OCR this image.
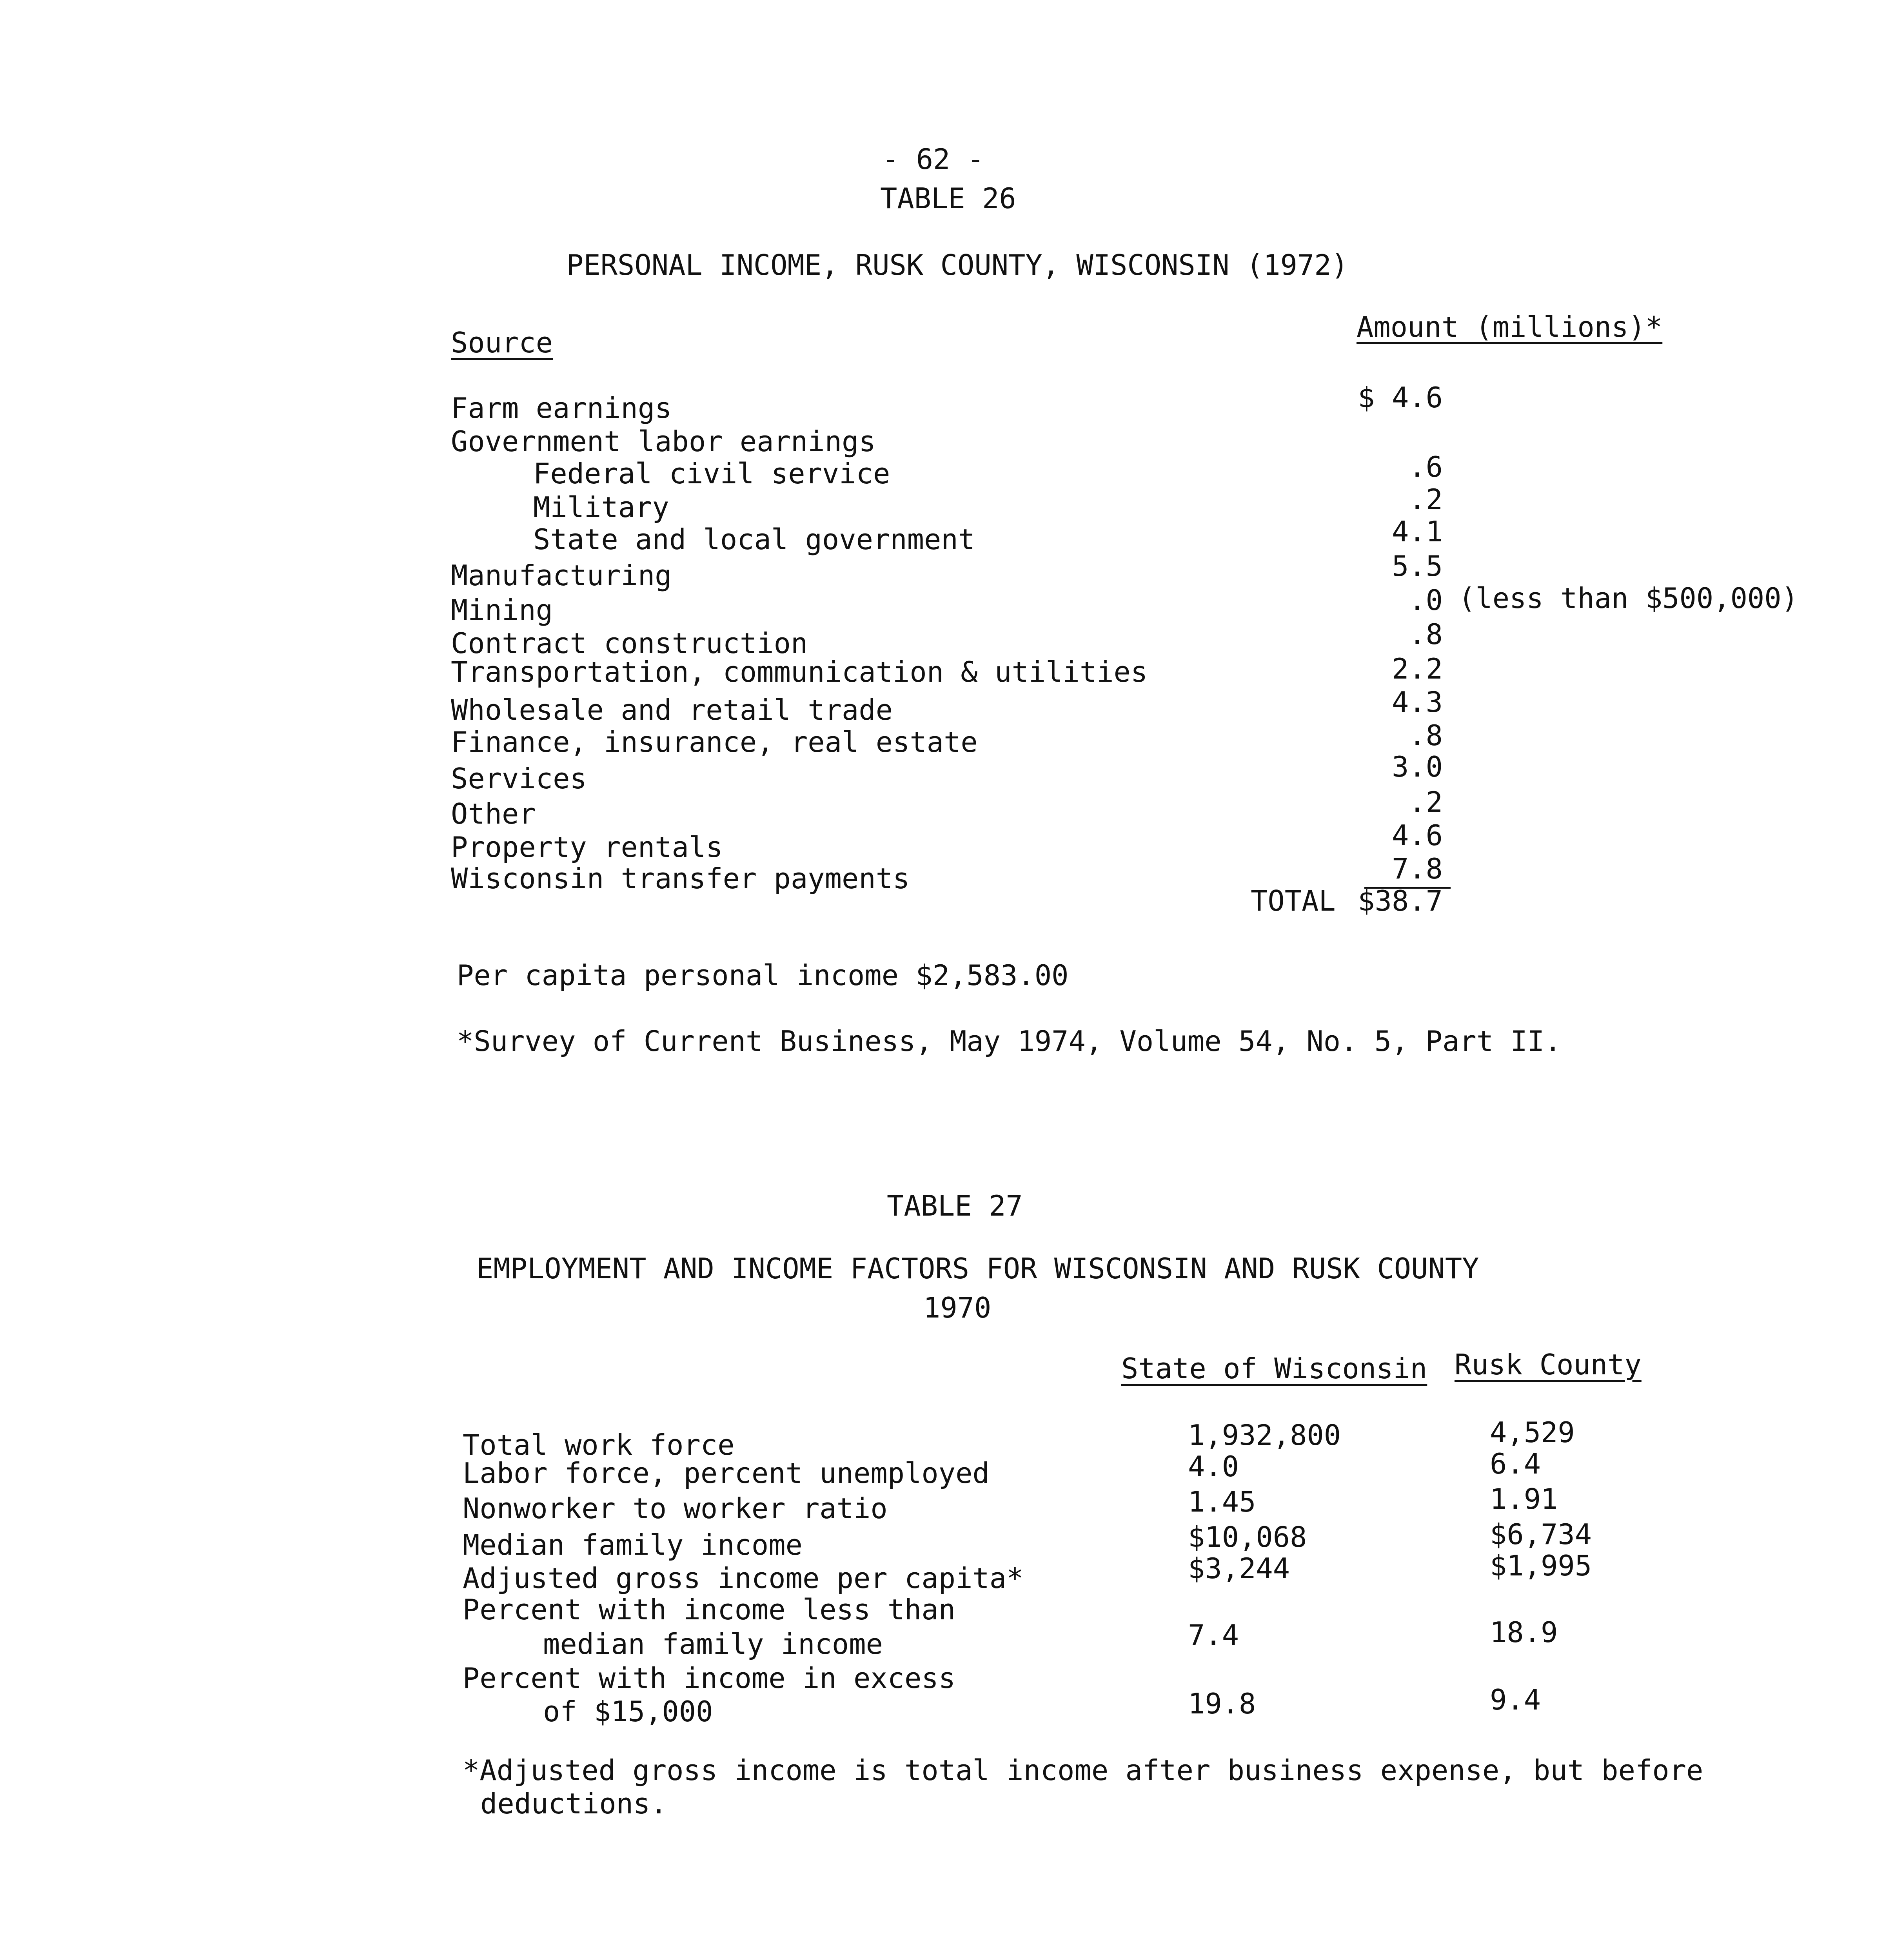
- 62 -
TABLE 26
PERSONAL INCOME, RUSK COUNTY, WISCONSIN (1972)
Source	Amount (millions)*
Farm earnings
Government labor earnings
Federal civil service
Military
State and local government
Manufacturing
Mining
Contract construction
Transportation, communication & utilities
Wholesale and retail trade
Finance, insurance, real estate
Services
Other
Property rentals
Wisconsin transfer payments
$ 4.6
.6
.2
4.1
5.5
.0 (less than $500,000)
.8
2.2
4.3
.8
3.0
.2
4.6
7.8
TOTAL $38.7
Per capita personal income $2,583.00
*Survey of Current Business, May 1974, Volume 54, No. 5, Part II.
TABLE 27
EMPLOYMENT AND INCOME FACTORS FOR WISCONSIN AND RUSK COUNTY
1970
State of Wisconsin Rusk County
Total work force
Labor force, percent unemployed
Nonworker to worker ratio
Median family income
Adjusted gross income per capita*
Percent with income less than
median family income
Percent with income in excess
of $15,000
1,932,800
4.0
1.45
$10,068
$3,244
7.4
19.8
4,529
6.4
1.91
$6,734
$1,995
18.9
9.4
*Adjusted gross income is total income after business expense, but before
deductions.
